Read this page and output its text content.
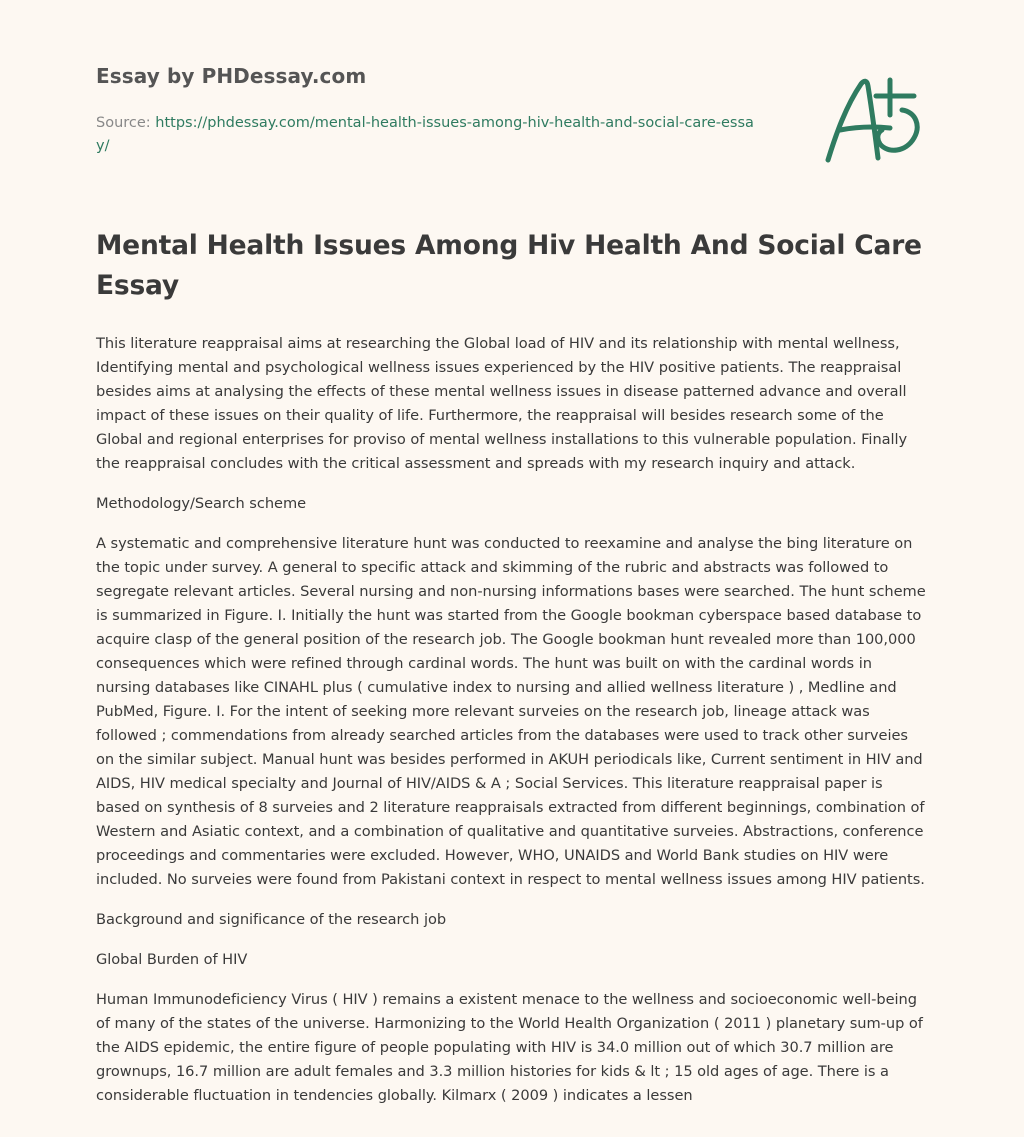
Essay by PHDessay.com
Source: https://phdessay.com/mental-health-issues-among-hiv-health-and-social-care-essay/
Mental Health Issues Among Hiv Health And Social Care Essay

This literature reappraisal aims at researching the Global load of HIV and its relationship with mental wellness, Identifying mental and psychological wellness issues experienced by the HIV positive patients. The reappraisal besides aims at analysing the effects of these mental wellness issues in disease patterned advance and overall impact of these issues on their quality of life. Furthermore, the reappraisal will besides research some of the Global and regional enterprises for proviso of mental wellness installations to this vulnerable population. Finally the reappraisal concludes with the critical assessment and spreads with my research inquiry and attack.

Methodology/Search scheme

A systematic and comprehensive literature hunt was conducted to reexamine and analyse the bing literature on the topic under survey. A general to specific attack and skimming of the rubric and abstracts was followed to segregate relevant articles. Several nursing and non-nursing informations bases were searched. The hunt scheme is summarized in Figure. I. Initially the hunt was started from the Google bookman cyberspace based database to acquire clasp of the general position of the research job. The Google bookman hunt revealed more than 100,000 consequences which were refined through cardinal words. The hunt was built on with the cardinal words in nursing databases like CINAHL plus ( cumulative index to nursing and allied wellness literature ) , Medline and PubMed, Figure. I. For the intent of seeking more relevant surveies on the research job, lineage attack was followed ; commendations from already searched articles from the databases were used to track other surveies on the similar subject. Manual hunt was besides performed in AKUH periodicals like, Current sentiment in HIV and AIDS, HIV medical specialty and Journal of HIV/AIDS & A ; Social Services. This literature reappraisal paper is based on synthesis of 8 surveies and 2 literature reappraisals extracted from different beginnings, combination of Western and Asiatic context, and a combination of qualitative and quantitative surveies. Abstractions, conference proceedings and commentaries were excluded. However, WHO, UNAIDS and World Bank studies on HIV were included. No surveies were found from Pakistani context in respect to mental wellness issues among HIV patients.

Background and significance of the research job

Global Burden of HIV

Human Immunodeficiency Virus ( HIV ) remains a existent menace to the wellness and socioeconomic well-being of many of the states of the universe. Harmonizing to the World Health Organization ( 2011 ) planetary sum-up of the AIDS epidemic, the entire figure of people populating with HIV is 34.0 million out of which 30.7 million are grownups, 16.7 million are adult females and 3.3 million histories for kids & lt ; 15 old ages of age. There is a considerable fluctuation in tendencies globally. Kilmarx ( 2009 ) indicates a lessen
